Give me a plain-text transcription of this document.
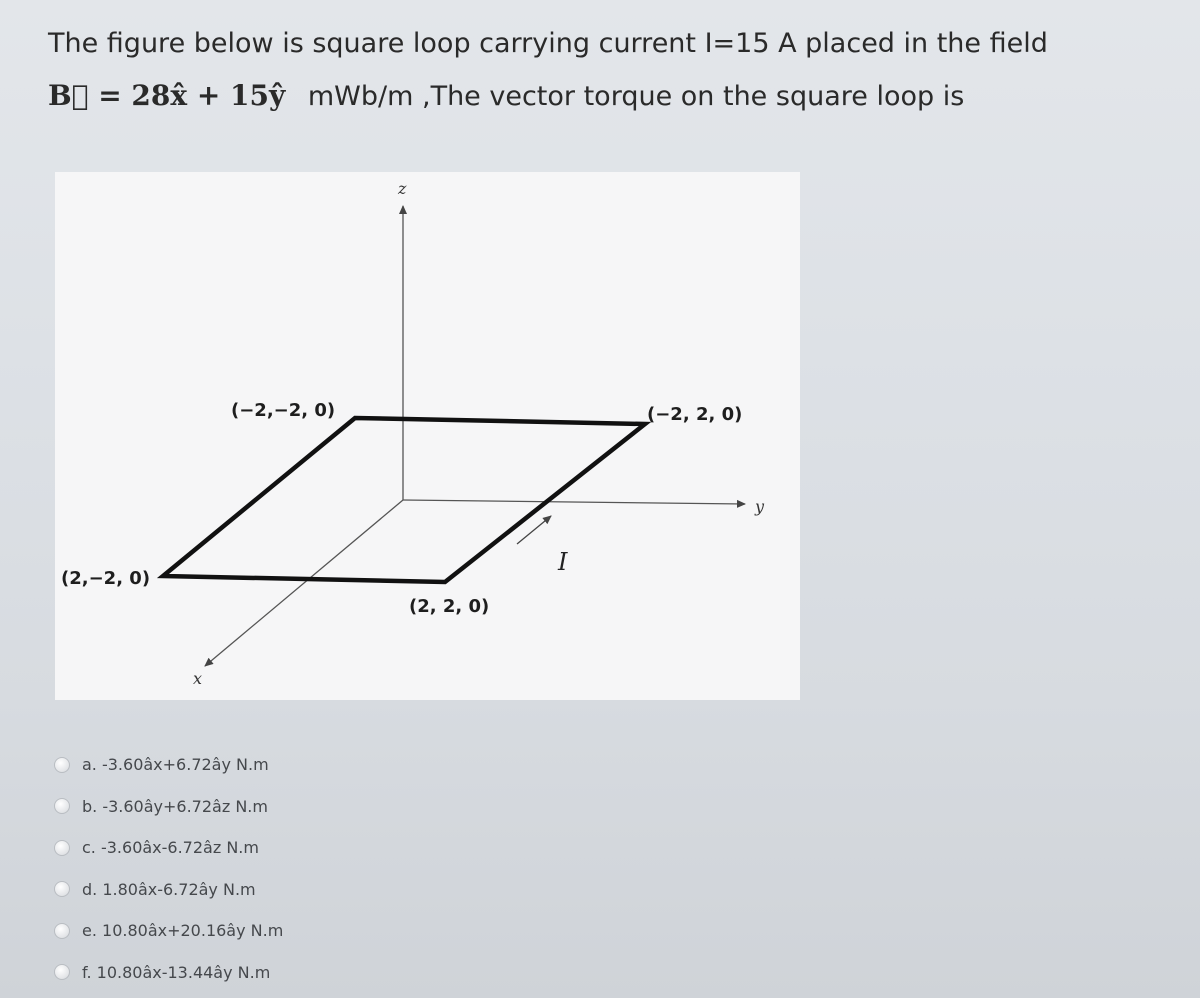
The figure below is square loop carrying current I=15 A placed in the field
B⃗ = 28x̂ + 15ŷ mWb/m ,The vector torque on the square loop is
z
y
x
(−2,−2, 0)	(−2, 2, 0)
(2,−2, 0)
(2, 2, 0)
I
a. -3.60âx+6.72ây N.m
b. -3.60ây+6.72âz N.m
c. -3.60âx-6.72âz N.m
d. 1.80âx-6.72ây N.m
e. 10.80âx+20.16ây N.m
f. 10.80âx-13.44ây N.m
